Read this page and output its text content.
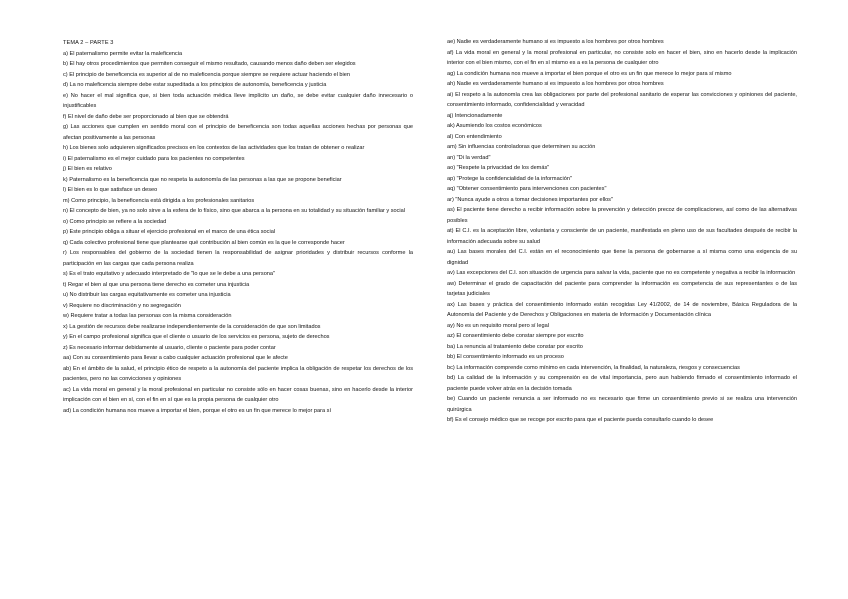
TEMA 2 – PARTE 3

a) El paternalismo permite evitar la maleficencia

b) El hay otros procedimientos que permiten conseguir el mismo resultado, causando menos daño deben ser elegidos

c) El principio de beneficencia es superior al de no maleficencia porque siempre se requiere actuar haciendo el bien

d) La no maleficencia siempre debe estar supeditada a los principios de autonomía, beneficencia y justicia

e) No hacer el mal significa que, si bien toda actuación médica lleve implícito un daño, se debe evitar cualquier daño innecesario o injustificables

f) El nivel de daño debe ser proporcionado al bien que se obtendrá

g) Las acciones que cumplen en sentido moral con el principio de beneficencia son todas aquellas acciones hechas por personas que afectan positivamente a las personas

h) Los bienes solo adquieren significados precisos en los contextos de las actividades que los tratan de obtener o realizar

i) El paternalismo es el mejor cuidado para los pacientes no competentes

j) El bien es relativo

k) Paternalismo es la beneficencia que no respeta la autonomía de las personas a las que se propone beneficiar

l) El bien es lo que satisface un deseo

m) Como principio, la beneficencia está dirigida a los profesionales sanitarios

n) El concepto de bien, ya no solo sirve a la esfera de lo físico, sino que abarca a la persona en su totalidad y su situación familiar y social

o) Como principio se refiere a la sociedad

p) Este principio obliga a situar el ejercicio profesional en el marco de una ética social

q) Cada colectivo profesional tiene que plantearse qué contribución al bien común es la que le corresponde hacer

r) Los responsables del gobierno de la sociedad tienen la responsabilidad de asignar prioridades y distribuir recursos conforme la participación en las cargas que cada persona realiza

s) Es el trato equitativo y adecuado interpretado de "lo que se le debe a una persona"

t) Regar el bien al que una persona tiene derecho es cometer una injusticia

u) No distribuir las cargas equitativamente es cometer una injusticia

v) Requiere no discriminación y no segregación

w) Requiere tratar a todas las personas con la misma consideración

x) La gestión de recursos debe realizarse independientemente de la consideración de que son limitados

y) En el campo profesional significa que el cliente o usuario de los servicios es persona, sujeto de derechos

z) Es necesario informar debidamente al usuario, cliente o paciente para poder contar

aa) Con su consentimiento para llevar a cabo cualquier actuación profesional que le afecte

ab) En el ámbito de la salud, el principio ético de respeto a la autonomía del paciente implica la obligación de respetar los derechos de los pacientes, pero no las convicciones y opiniones

ac) La vida moral en general y la moral profesional en particular no consiste sólo en hacer cosas buenas, sino en hacerlo desde la interior implicación con el bien en sí, con el fin en sí que es la propia persona de cualquier otro

ad) La condición humana nos mueve a importar el bien, porque el otro es un fin que merece lo mejor para sí

ae) Nadie es verdaderamente humano si es impuesto a los hombres por otros hombres

af) La vida moral en general y la moral profesional en particular, no consiste solo en hacer el bien, sino en hacerlo desde la implicación interior con el bien mismo, con el fin en sí mismo es a es la persona de cualquier otro

ag) La condición humana nos mueve a importar el bien porque el otro es un fin que merece lo mejor para sí mismo

ah) Nadie es verdaderamente humano si es impuesto a los hombres por otros hombres

ai) El respeto a la autonomía crea las obligaciones por parte del profesional sanitario de esperar las convicciones y opiniones del paciente, consentimiento informado, confidencialidad y veracidad

aj) Intencionadamente

ak) Asumiendo los costos económicos

al) Con entendimiento

am) Sin influencias controladoras que determinen su acción

an) "Di la verdad"

ao) "Respete la privacidad de los demás"

ap) "Protege la confidencialidad de la información"

aq) "Obtener consentimiento para intervenciones con pacientes"

ar) "Nunca ayude a otros a tomar decisiones importantes por ellos"

as) El paciente tiene derecho a recibir información sobre la prevención y detección precoz de complicaciones, así como de las alternativas posibles

at) El C.I. es la aceptación libre, voluntaria y consciente de un paciente, manifestada en pleno uso de sus facultades después de recibir la información adecuada sobre su salud

au) Las bases morales del C.I. están en el reconocimiento que tiene la persona de gobernarse a sí misma como una exigencia de su dignidad

av) Las excepciones del C.I. son situación de urgencia para salvar la vida, paciente que no es competente y negativa a recibir la información

aw) Determinar el grado de capacitación del paciente para comprender la información es competencia de sus representantes o de las tarjetas judiciales

ax) Las bases y práctica del consentimiento informado están recogidas Ley 41/2002, de 14 de noviembre, Básica Reguladora de la Autonomía del Paciente y de Derechos y Obligaciones en materia de Información y Documentación clínica

ay) No es un requisito moral pero sí legal

az) El consentimiento debe constar siempre por escrito

ba) La renuncia al tratamiento debe constar por escrito

bb) El consentimiento informado es un proceso

bc) La información comprende como mínimo en cada intervención, la finalidad, la naturaleza, riesgos y consecuencias

bd) La calidad de la información y su comprensión es de vital importancia, pero aun habiendo firmado el consentimiento informado el paciente puede volver atrás en la decisión tomada

be) Cuando un paciente renuncia a ser informado no es necesario que firme un consentimiento previo si se realiza una intervención quirúrgica

bf) Es el consejo médico que se recoge por escrito para que el paciente pueda consultarlo cuando lo desee
